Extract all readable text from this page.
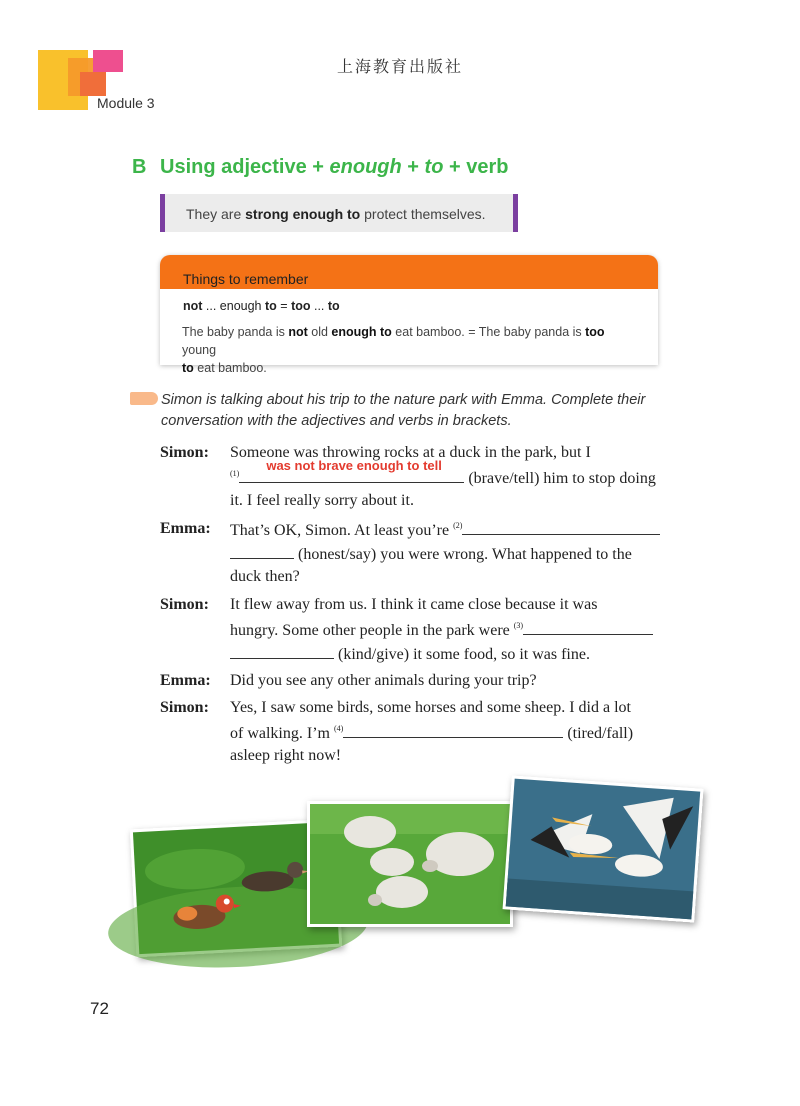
上海教育出版社
Module 3
B Using adjective + enough + to + verb
They are strong enough to protect themselves.
Things to remember
not ... enough to = too ... to
The baby panda is not old enough to eat bamboo. = The baby panda is too young
to eat bamboo.
Simon is talking about his trip to the nature park with Emma. Complete their
conversation with the adjectives and verbs in brackets.
Simon: Someone was throwing rocks at a duck in the park, but I
$^{(1)}$
was not brave enough to tell
(brave/tell) him to stop doing
it. I feel really sorry about it.
Emma: That’s OK, Simon. At least you’re $^{(2)}$
(honest/say) you were wrong. What happened to the
duck then?
Simon: It flew away from us. I think it came close because it was
hungry. Some other people in the park were $^{(3)}$
(kind/give) it some food, so it was fine.
Emma: Did you see any other animals during your trip?
Simon: Yes, I saw some birds, some horses and some sheep. I did a lot
of walking. I’m $^{(4)}$	(tired/fall)
asleep right now!
72
